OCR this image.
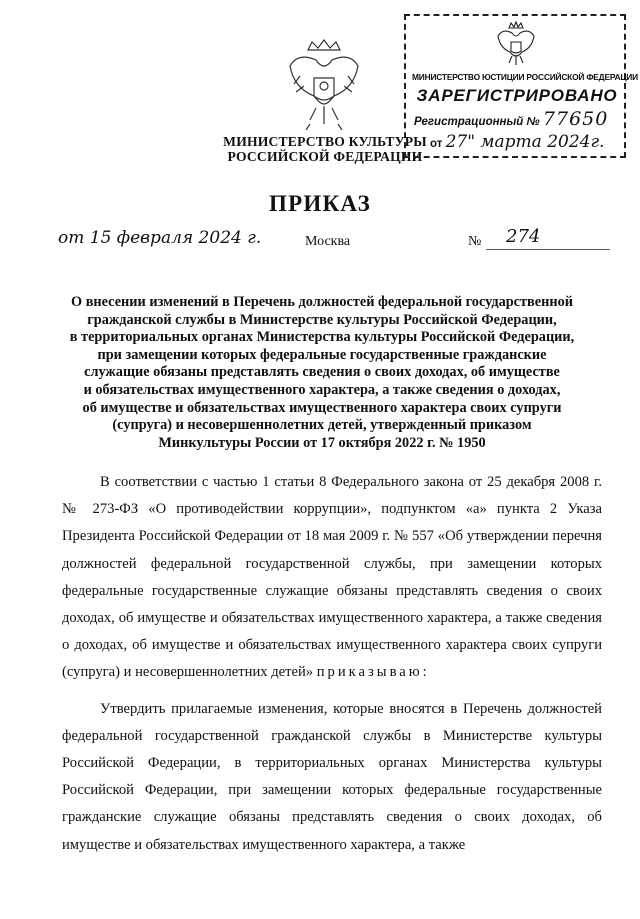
МИНИСТЕРСТВО КУЛЬТУРЫ
РОССИЙСКОЙ ФЕДЕРАЦИИ
МИНИСТЕРСТВО ЮСТИЦИИ РОССИЙСКОЙ ФЕДЕРАЦИИ
ЗАРЕГИСТРИРОВАНО
Регистрационный № 77650
от 27" марта 2024г.
ПРИКАЗ
от 15 февраля 2024 г.	Москва	№ 274
О внесении изменений в Перечень должностей федеральной государственной
гражданской службы в Министерстве культуры Российской Федерации,
в территориальных органах Министерства культуры Российской Федерации,
при замещении которых федеральные государственные гражданские
служащие обязаны представлять сведения о своих доходах, об имуществе
и обязательствах имущественного характера, а также сведения о доходах,
об имуществе и обязательствах имущественного характера своих супруги
(супруга) и несовершеннолетних детей, утвержденный приказом
Минкультуры России от 17 октября 2022 г. № 1950

В соответствии с частью 1 статьи 8 Федерального закона от 25 декабря 2008 г. № 273-ФЗ «О противодействии коррупции», подпунктом «а» пункта 2 Указа Президента Российской Федерации от 18 мая 2009 г. № 557 «Об утверждении перечня должностей федеральной государственной службы, при замещении которых федеральные государственные служащие обязаны представлять сведения о своих доходах, об имуществе и обязательствах имущественного характера, а также сведения о доходах, об имуществе и обязательствах имущественного характера своих супруги (супруга) и несовершеннолетних детей» приказываю:

Утвердить прилагаемые изменения, которые вносятся в Перечень должностей федеральной государственной гражданской службы в Министерстве культуры Российской Федерации, в территориальных органах Министерства культуры Российской Федерации, при замещении которых федеральные государственные гражданские служащие обязаны представлять сведения о своих доходах, об имуществе и обязательствах имущественного характера, а также
